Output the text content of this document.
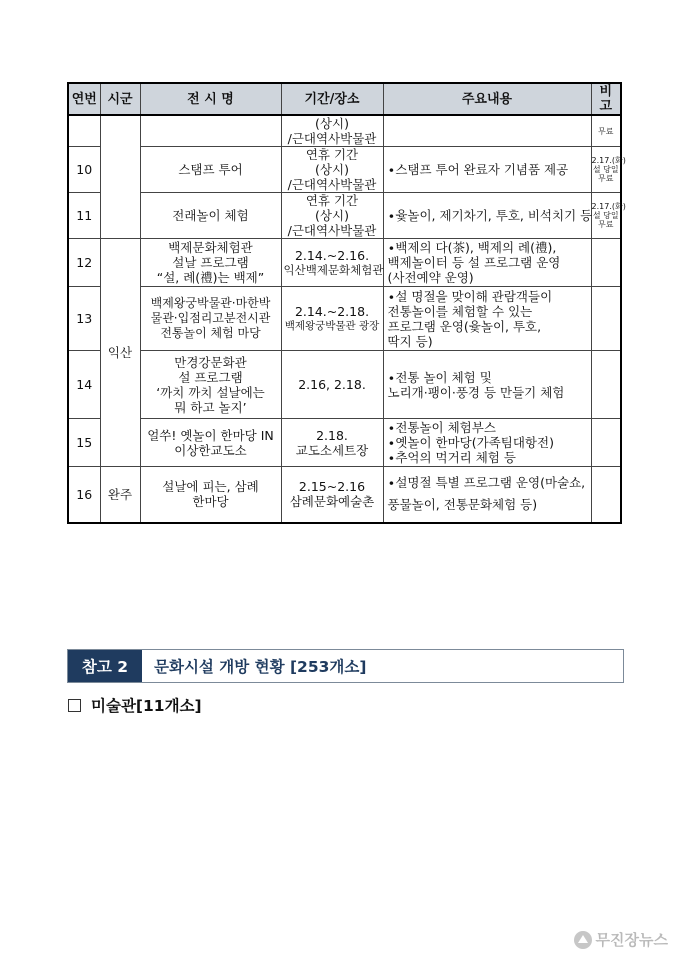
연번	시군	전 시 명	기간/장소	주요내용	비고

			(상시)
/근대역사박물관		무료

10		스탬프 투어	연휴 기간
(상시)
/근대역사박물관	∙스탬프 투어 완료자 기념품 제공	2.17.(화)
설 당일
무료

11		전래놀이 체험	연휴 기간
(상시)
/근대역사박물관	∙윷놀이, 제기차기, 투호, 비석치기 등	2.17.(화)
설 당일
무료

12	익산	백제문화체험관
설날 프로그램
“설, 례(禮)는 백제”	2.14.~2.16.
익산백제문화체험관	∙백제의 다(茶), 백제의 례(禮),
백제놀이터 등 설 프로그램 운영
(사전예약 운영)	

13		백제왕궁박물관·마한박
물관·입점리고분전시관
전통놀이 체험 마당	2.14.~2.18.
백제왕궁박물관 광장	∙설 명절을 맞이해 관람객들이
전통놀이를 체험할 수 있는
프로그램 운영(윷놀이, 투호,
딱지 등)	

14		만경강문화관
설 프로그램
‘까치 까치 설날에는
뭐 하고 놀지’	2.16, 2.18.	∙전통 놀이 체험 및
노리개·팽이·풍경 등 만들기 체험	

15		얼쑤! 옛놀이 한마당 IN
이상한교도소	2.18.
교도소세트장	∙전통놀이 체험부스
∙옛놀이 한마당(가족팀대항전)
∙추억의 먹거리 체험 등	

16	완주	설날에 피는, 삼례
한마당	2.15~2.16
삼례문화예술촌	∙설명절 특별 프로그램 운영(마술쇼,
풍물놀이, 전통문화체험 등)	

참고 2	문화시설 개방 현황 [253개소]
미술관[11개소]
무진장뉴스
